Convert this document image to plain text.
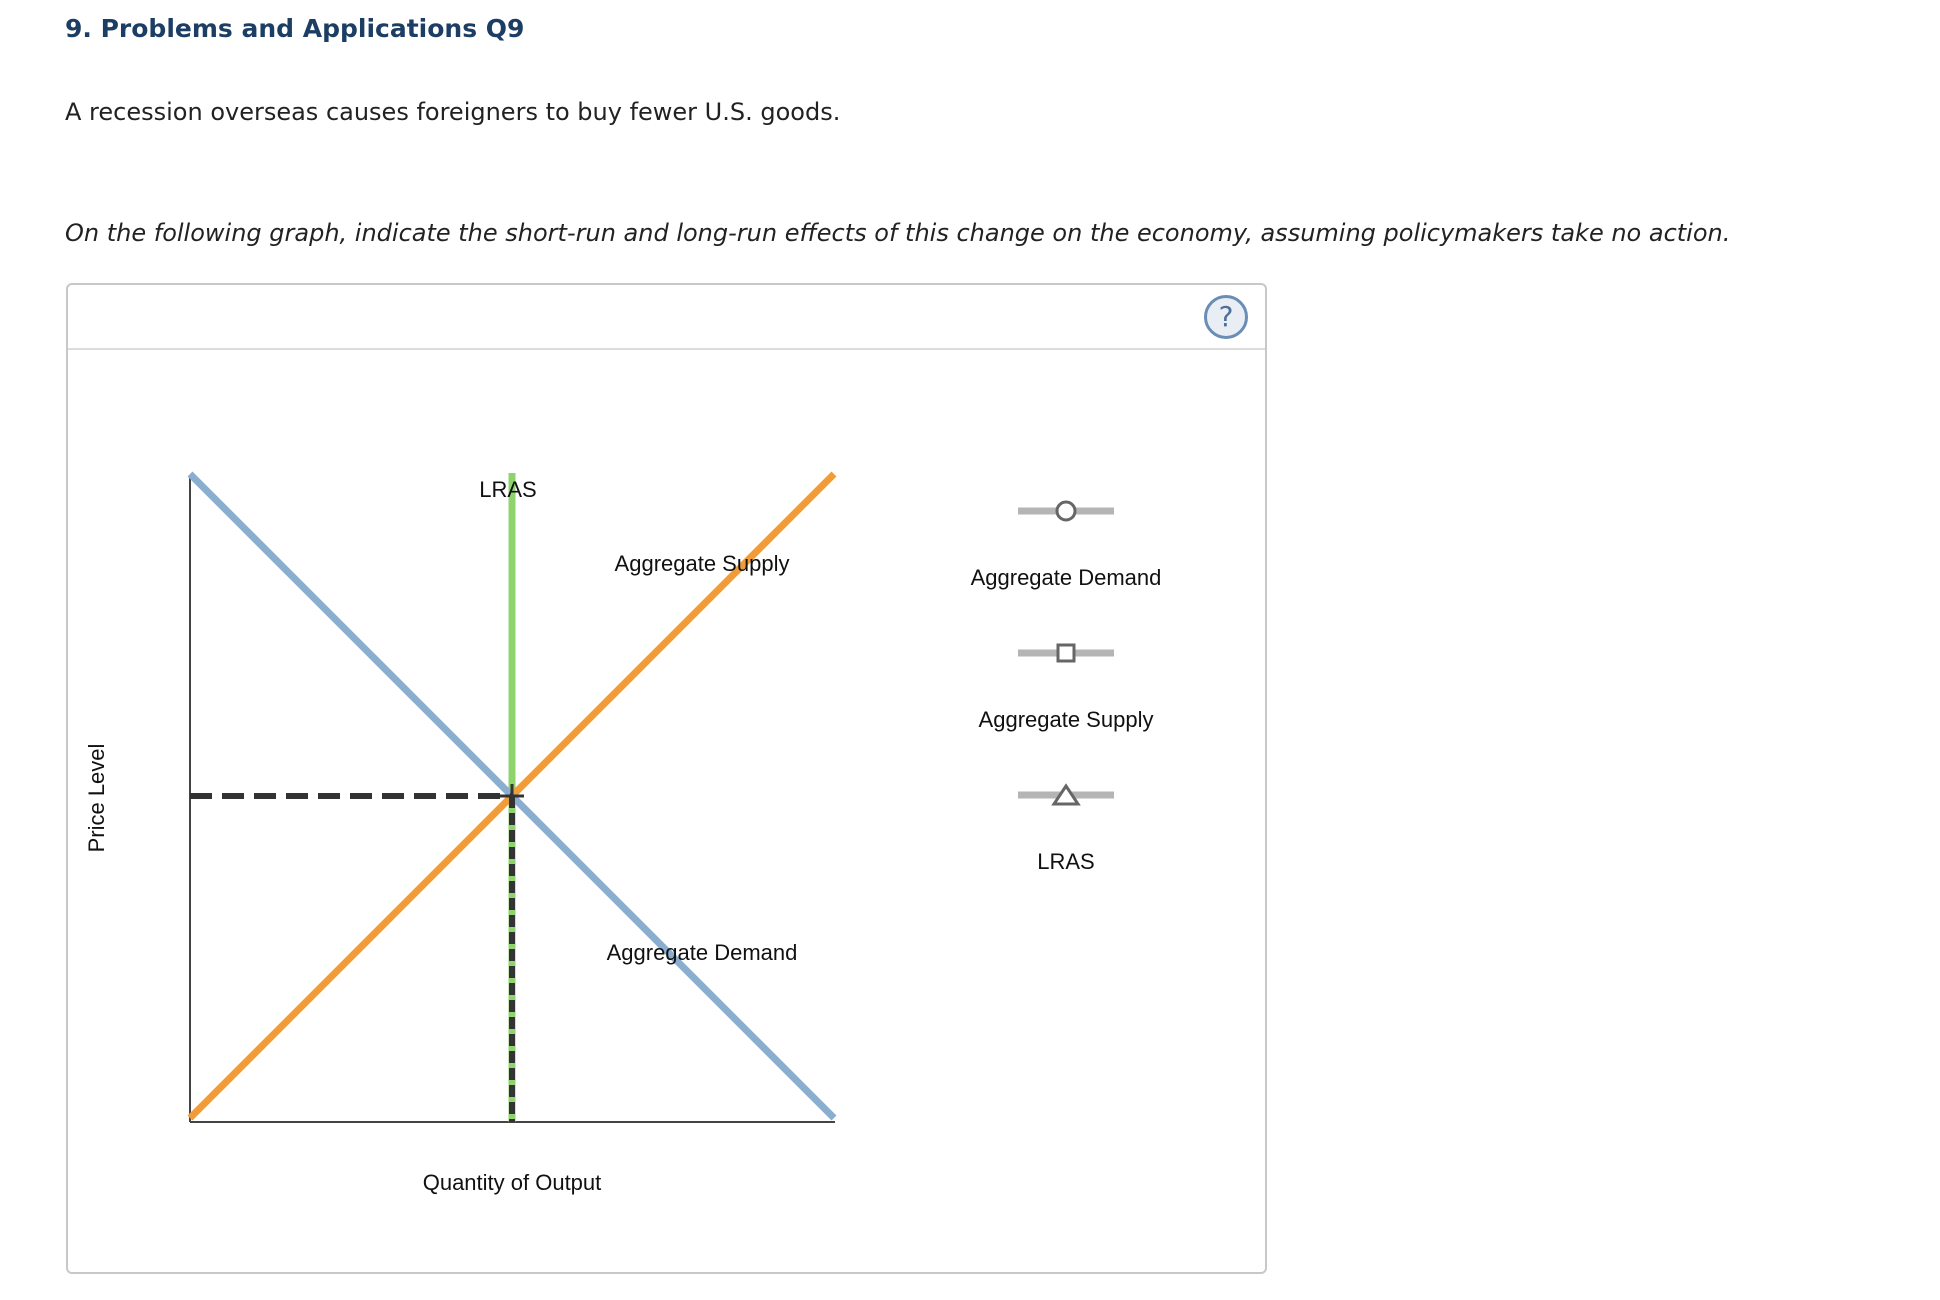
9. Problems and Applications Q9
A recession overseas causes foreigners to buy fewer U.S. goods.
On the following graph, indicate the short-run and long-run effects of this change on the economy, assuming policymakers take no action.
?
LRAS
Aggregate Supply
Aggregate Demand
Quantity of Output
Price Level
Aggregate Demand
Aggregate Supply
LRAS
